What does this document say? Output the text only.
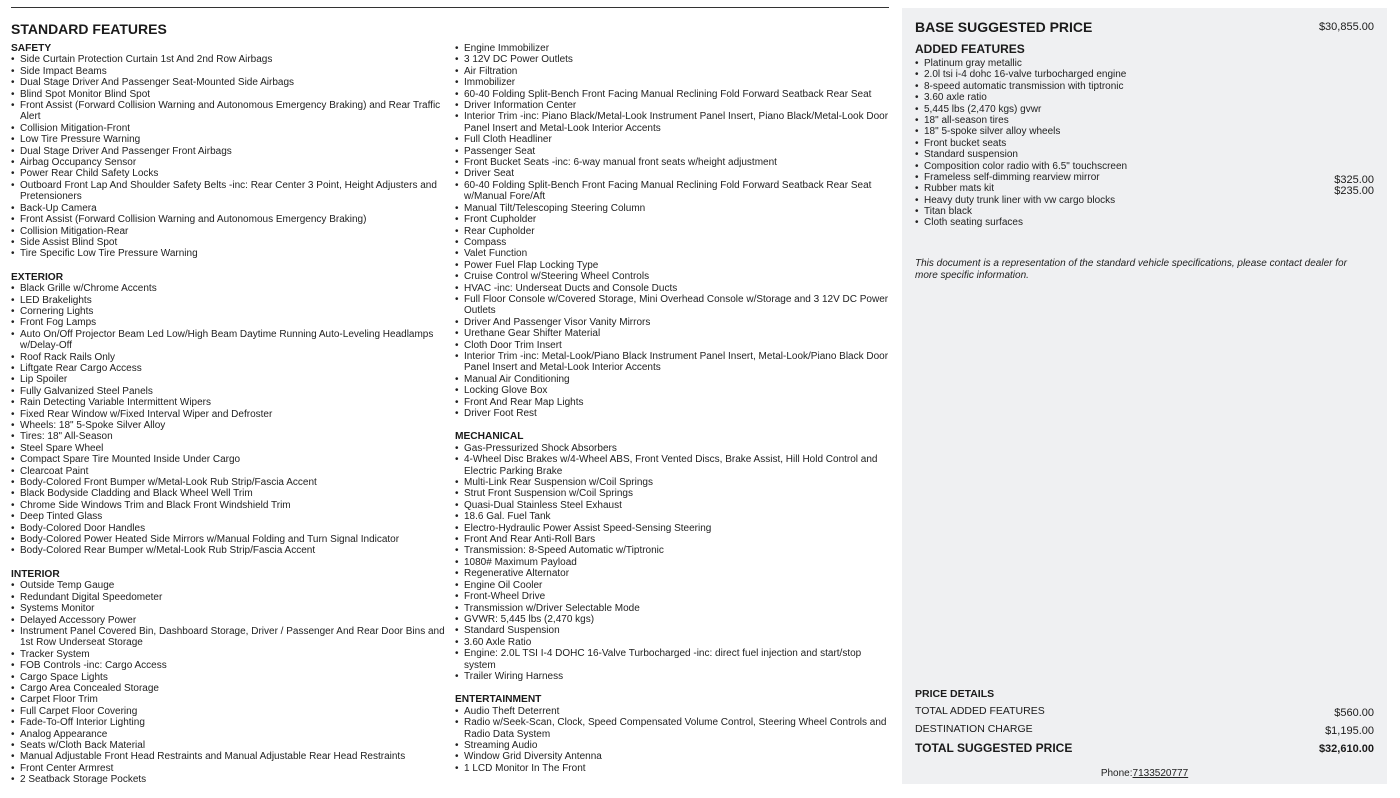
STANDARD FEATURES
SAFETY
• Side Curtain Protection Curtain 1st And 2nd Row Airbags
• Side Impact Beams
• Dual Stage Driver And Passenger Seat-Mounted Side Airbags
• Blind Spot Monitor Blind Spot
• Front Assist (Forward Collision Warning and Autonomous Emergency Braking) and Rear Traffic Alert
• Collision Mitigation-Front
• Low Tire Pressure Warning
• Dual Stage Driver And Passenger Front Airbags
• Airbag Occupancy Sensor
• Power Rear Child Safety Locks
• Outboard Front Lap And Shoulder Safety Belts -inc: Rear Center 3 Point, Height Adjusters and Pretensioners
• Back-Up Camera
• Front Assist (Forward Collision Warning and Autonomous Emergency Braking)
• Collision Mitigation-Rear
• Side Assist Blind Spot
• Tire Specific Low Tire Pressure Warning
EXTERIOR
• Black Grille w/Chrome Accents
• LED Brakelights
• Cornering Lights
• Front Fog Lamps
• Auto On/Off Projector Beam Led Low/High Beam Daytime Running Auto-Leveling Headlamps w/Delay-Off
• Roof Rack Rails Only
• Liftgate Rear Cargo Access
• Lip Spoiler
• Fully Galvanized Steel Panels
• Rain Detecting Variable Intermittent Wipers
• Fixed Rear Window w/Fixed Interval Wiper and Defroster
• Wheels: 18" 5-Spoke Silver Alloy
• Tires: 18" All-Season
• Steel Spare Wheel
• Compact Spare Tire Mounted Inside Under Cargo
• Clearcoat Paint
• Body-Colored Front Bumper w/Metal-Look Rub Strip/Fascia Accent
• Black Bodyside Cladding and Black Wheel Well Trim
• Chrome Side Windows Trim and Black Front Windshield Trim
• Deep Tinted Glass
• Body-Colored Door Handles
• Body-Colored Power Heated Side Mirrors w/Manual Folding and Turn Signal Indicator
• Body-Colored Rear Bumper w/Metal-Look Rub Strip/Fascia Accent
INTERIOR
• Outside Temp Gauge
• Redundant Digital Speedometer
• Systems Monitor
• Delayed Accessory Power
• Instrument Panel Covered Bin, Dashboard Storage, Driver / Passenger And Rear Door Bins and 1st Row Underseat Storage
• Tracker System
• FOB Controls -inc: Cargo Access
• Cargo Space Lights
• Cargo Area Concealed Storage
• Carpet Floor Trim
• Full Carpet Floor Covering
• Fade-To-Off Interior Lighting
• Analog Appearance
• Seats w/Cloth Back Material
• Manual Adjustable Front Head Restraints and Manual Adjustable Rear Head Restraints
• Front Center Armrest
• 2 Seatback Storage Pockets
• Engine Immobilizer
• 3 12V DC Power Outlets
• Air Filtration
• Immobilizer
• 60-40 Folding Split-Bench Front Facing Manual Reclining Fold Forward Seatback Rear Seat
• Driver Information Center
• Interior Trim -inc: Piano Black/Metal-Look Instrument Panel Insert, Piano Black/Metal-Look Door Panel Insert and Metal-Look Interior Accents
• Full Cloth Headliner
• Passenger Seat
• Front Bucket Seats -inc: 6-way manual front seats w/height adjustment
• Driver Seat
• 60-40 Folding Split-Bench Front Facing Manual Reclining Fold Forward Seatback Rear Seat w/Manual Fore/Aft
• Manual Tilt/Telescoping Steering Column
• Front Cupholder
• Rear Cupholder
• Compass
• Valet Function
• Power Fuel Flap Locking Type
• Cruise Control w/Steering Wheel Controls
• HVAC -inc: Underseat Ducts and Console Ducts
• Full Floor Console w/Covered Storage, Mini Overhead Console w/Storage and 3 12V DC Power Outlets
• Driver And Passenger Visor Vanity Mirrors
• Urethane Gear Shifter Material
• Cloth Door Trim Insert
• Interior Trim -inc: Metal-Look/Piano Black Instrument Panel Insert, Metal-Look/Piano Black Door Panel Insert and Metal-Look Interior Accents
• Manual Air Conditioning
• Locking Glove Box
• Front And Rear Map Lights
• Driver Foot Rest
MECHANICAL
• Gas-Pressurized Shock Absorbers
• 4-Wheel Disc Brakes w/4-Wheel ABS, Front Vented Discs, Brake Assist, Hill Hold Control and Electric Parking Brake
• Multi-Link Rear Suspension w/Coil Springs
• Strut Front Suspension w/Coil Springs
• Quasi-Dual Stainless Steel Exhaust
• 18.6 Gal. Fuel Tank
• Electro-Hydraulic Power Assist Speed-Sensing Steering
• Front And Rear Anti-Roll Bars
• Transmission: 8-Speed Automatic w/Tiptronic
• 1080# Maximum Payload
• Regenerative Alternator
• Engine Oil Cooler
• Front-Wheel Drive
• Transmission w/Driver Selectable Mode
• GVWR: 5,445 lbs (2,470 kgs)
• Standard Suspension
• 3.60 Axle Ratio
• Engine: 2.0L TSI I-4 DOHC 16-Valve Turbocharged -inc: direct fuel injection and start/stop system
• Trailer Wiring Harness
ENTERTAINMENT
• Audio Theft Deterrent
• Radio w/Seek-Scan, Clock, Speed Compensated Volume Control, Steering Wheel Controls and Radio Data System
• Streaming Audio
• Window Grid Diversity Antenna
• 1 LCD Monitor In The Front
BASE SUGGESTED PRICE	$30,855.00
ADDED FEATURES
• Platinum gray metallic
• 2.0l tsi i-4 dohc 16-valve turbocharged engine
• 8-speed automatic transmission with tiptronic
• 3.60 axle ratio
• 5,445 lbs (2,470 kgs) gvwr
• 18" all-season tires
• 18" 5-spoke silver alloy wheels
• Front bucket seats
• Standard suspension
• Composition color radio with 6.5" touchscreen
• Frameless self-dimming rearview mirror	$325.00
• Rubber mats kit	$235.00
• Heavy duty trunk liner with vw cargo blocks
• Titan black
• Cloth seating surfaces
This document is a representation of the standard vehicle specifications, please contact dealer for more specific information.
PRICE DETAILS
TOTAL ADDED FEATURES	$560.00
DESTINATION CHARGE	$1,195.00
TOTAL SUGGESTED PRICE	$32,610.00
Phone:7133520777
